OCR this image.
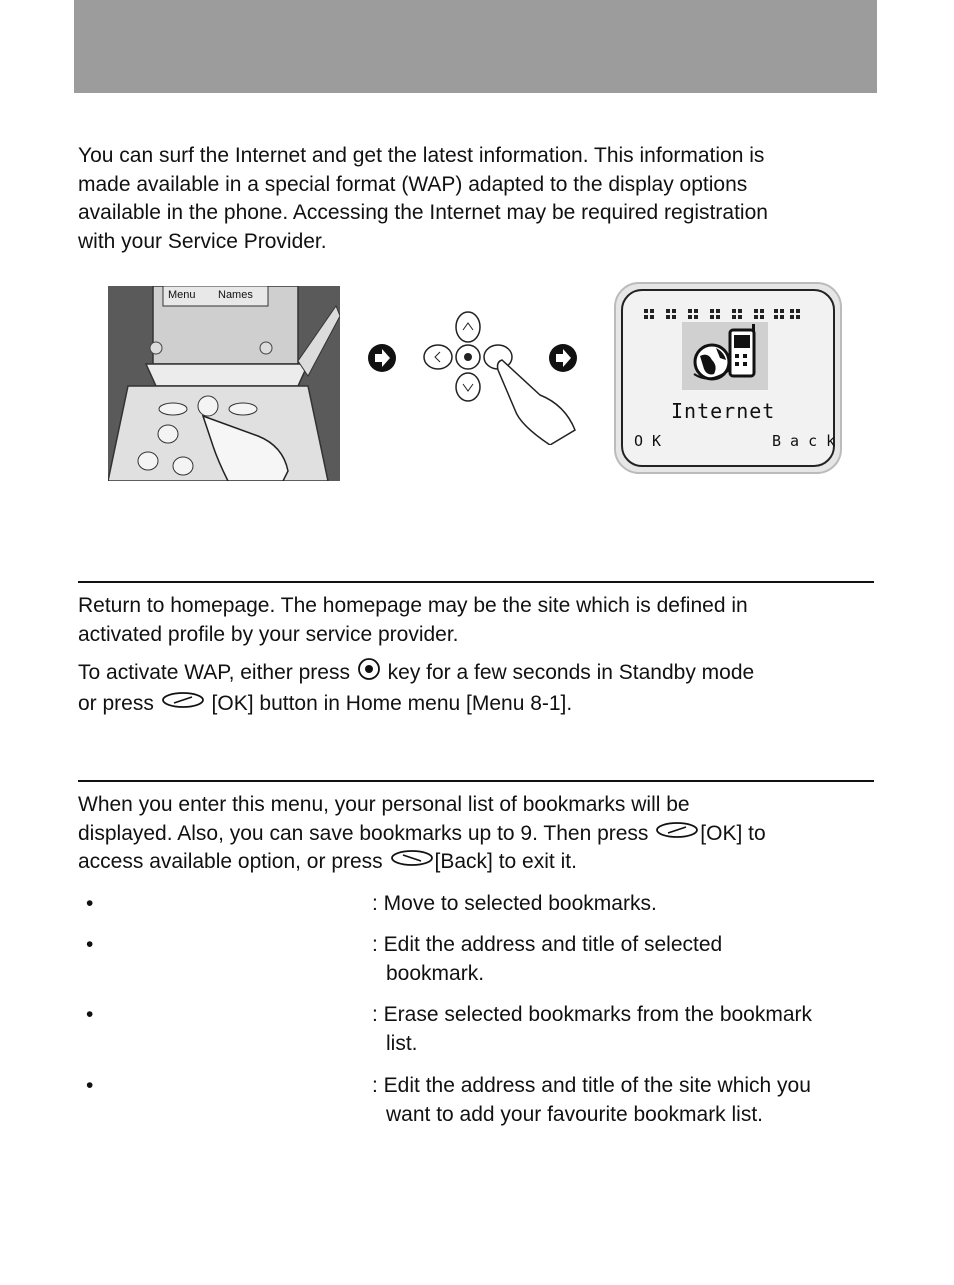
You can surf the Internet and get the latest information. This information is
made available in a special format (WAP) adapted to the display options
available in the phone. Accessing the Internet may be required registration
with your Service Provider.

Menu Names
Internet
O K	B a c k

Return to homepage. The homepage may be the site which is defined in
activated profile by your service provider.

To activate WAP, either press key for a few seconds in Standby mode
or press	[OK] button in Home menu [Menu 8-1].

When you enter this menu, your personal list of bookmarks will be
displayed. Also, you can save bookmarks up to 9. Then press [OK] to
access available option, or press [Back] to exit it.

•	: Move to selected bookmarks.
•	: Edit the address and title of selected
bookmark.
•	: Erase selected bookmarks from the bookmark
list.
•	: Edit the address and title of the site which you
want to add your favourite bookmark list.
